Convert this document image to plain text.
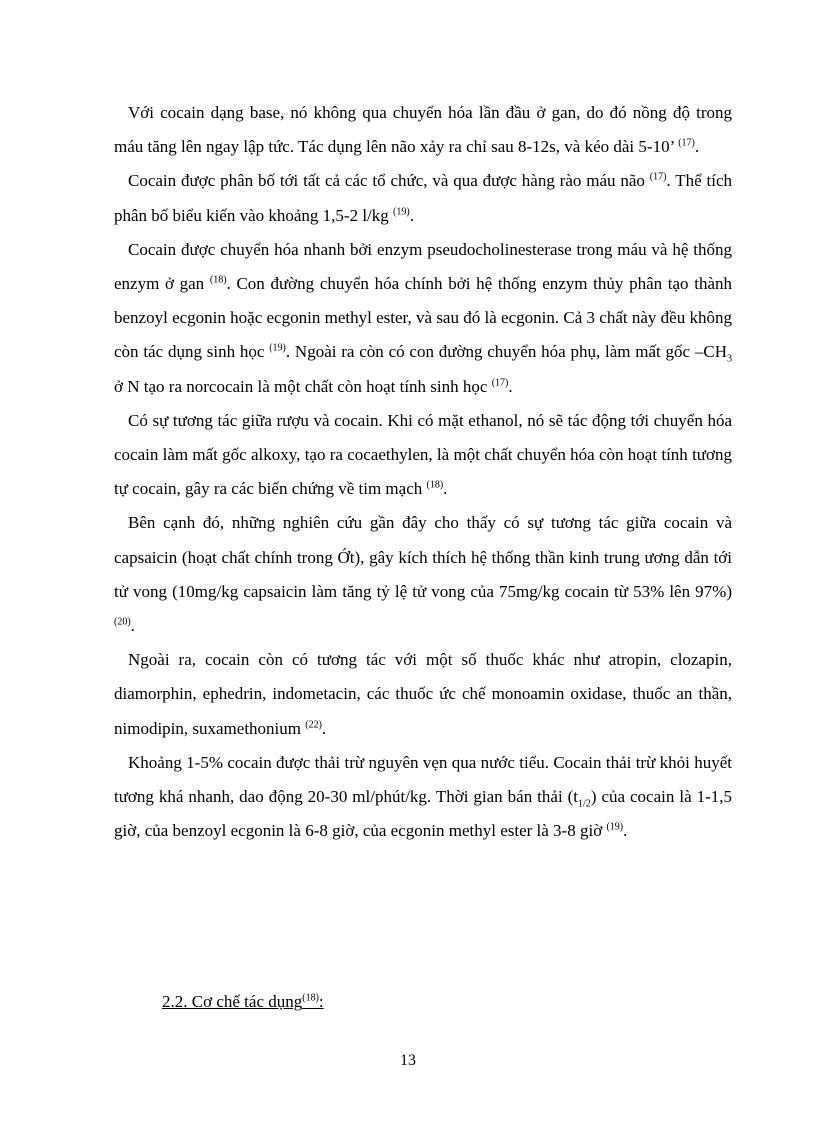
Với cocain dạng base, nó không qua chuyển hóa lần đầu ở gan, do đó nồng độ trong máu tăng lên ngay lập tức. Tác dụng lên não xảy ra chỉ sau 8-12s, và kéo dài 5-10’ $^{(17)}$.

Cocain được phân bố tới tất cả các tổ chức, và qua được hàng rào máu não $^{(17)}$. Thể tích phân bố biểu kiến vào khoảng 1,5-2 l/kg $^{(19)}$.

Cocain được chuyển hóa nhanh bởi enzym pseudocholinesterase trong máu và hệ thống enzym ở gan $^{(18)}$. Con đường chuyển hóa chính bởi hệ thống enzym thủy phân tạo thành benzoyl ecgonin hoặc ecgonin methyl ester, và sau đó là ecgonin. Cả 3 chất này đều không còn tác dụng sinh học $^{(19)}$. Ngoài ra còn có con đường chuyển hóa phụ, làm mất gốc $-CH_3$ ở N tạo ra norcocain là một chất còn hoạt tính sinh học $^{(17)}$.

Có sự tương tác giữa rượu và cocain. Khi có mặt ethanol, nó sẽ tác động tới chuyển hóa cocain làm mất gốc alkoxy, tạo ra cocaethylen, là một chất chuyển hóa còn hoạt tính tương tự cocain, gây ra các biến chứng về tim mạch $^{(18)}$.

Bên cạnh đó, những nghiên cứu gần đây cho thấy có sự tương tác giữa cocain và capsaicin (hoạt chất chính trong Ớt), gây kích thích hệ thống thần kinh trung ương dẫn tới tử vong (10mg/kg capsaicin làm tăng tỷ lệ tử vong của 75mg/kg cocain từ 53% lên 97%) $^{(20)}$.

Ngoài ra, cocain còn có tương tác với một số thuốc khác như atropin, clozapin, diamorphin, ephedrin, indometacin, các thuốc ức chế monoamin oxidase, thuốc an thần, nimodipin, suxamethonium $^{(22)}$.

Khoảng 1-5% cocain được thải trừ nguyên vẹn qua nước tiểu. Cocain thải trừ khỏi huyết tương khá nhanh, dao động 20-30 ml/phút/kg. Thời gian bán thải $(t_{1/2})$ của cocain là 1-1,5 giờ, của benzoyl ecgonin là 6-8 giờ, của ecgonin methyl ester là 3-8 giờ $^{(19)}$.

2.2. Cơ chế tác dụng$^{(18)}$:

13
